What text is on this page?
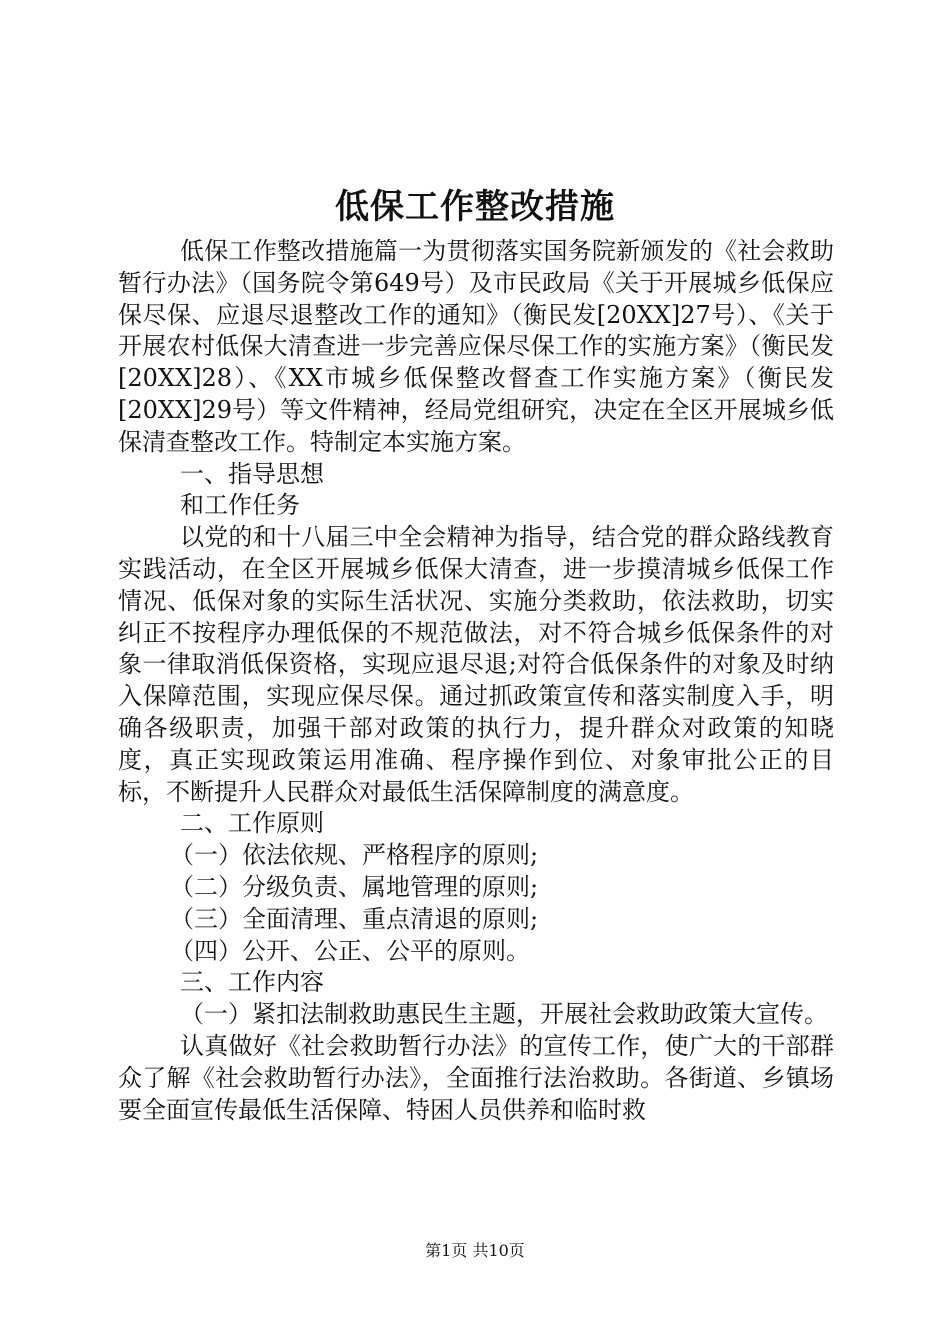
低保工作整改措施

低保工作整改措施篇一为贯彻落实国务院新颁发的《社会救助暂行办法》（国务院令第649号）及市民政局《关于开展城乡低保应保尽保、应退尽退整改工作的通知》（衡民发[20XX]27号）、《关于开展农村低保大清查进一步完善应保尽保工作的实施方案》（衡民发[20XX]28）、《XX市城乡低保整改督查工作实施方案》（衡民发[20XX]29号）等文件精神，经局党组研究，决定在全区开展城乡低保清查整改工作。特制定本实施方案。

一、指导思想

和工作任务

以党的和十八届三中全会精神为指导，结合党的群众路线教育实践活动，在全区开展城乡低保大清查，进一步摸清城乡低保工作情况、低保对象的实际生活状况、实施分类救助，依法救助，切实纠正不按程序办理低保的不规范做法，对不符合城乡低保条件的对象一律取消低保资格，实现应退尽退;对符合低保条件的对象及时纳入保障范围，实现应保尽保。通过抓政策宣传和落实制度入手，明确各级职责，加强干部对政策的执行力，提升群众对政策的知晓度，真正实现政策运用准确、程序操作到位、对象审批公正的目标，不断提升人民群众对最低生活保障制度的满意度。

二、工作原则

（一）依法依规、严格程序的原则;

（二）分级负责、属地管理的原则;

（三）全面清理、重点清退的原则;

（四）公开、公正、公平的原则。

三、工作内容

（一）紧扣法制救助惠民生主题，开展社会救助政策大宣传。

认真做好《社会救助暂行办法》的宣传工作，使广大的干部群众了解《社会救助暂行办法》，全面推行法治救助。各街道、乡镇场要全面宣传最低生活保障、特困人员供养和临时救

第1页 共10页
